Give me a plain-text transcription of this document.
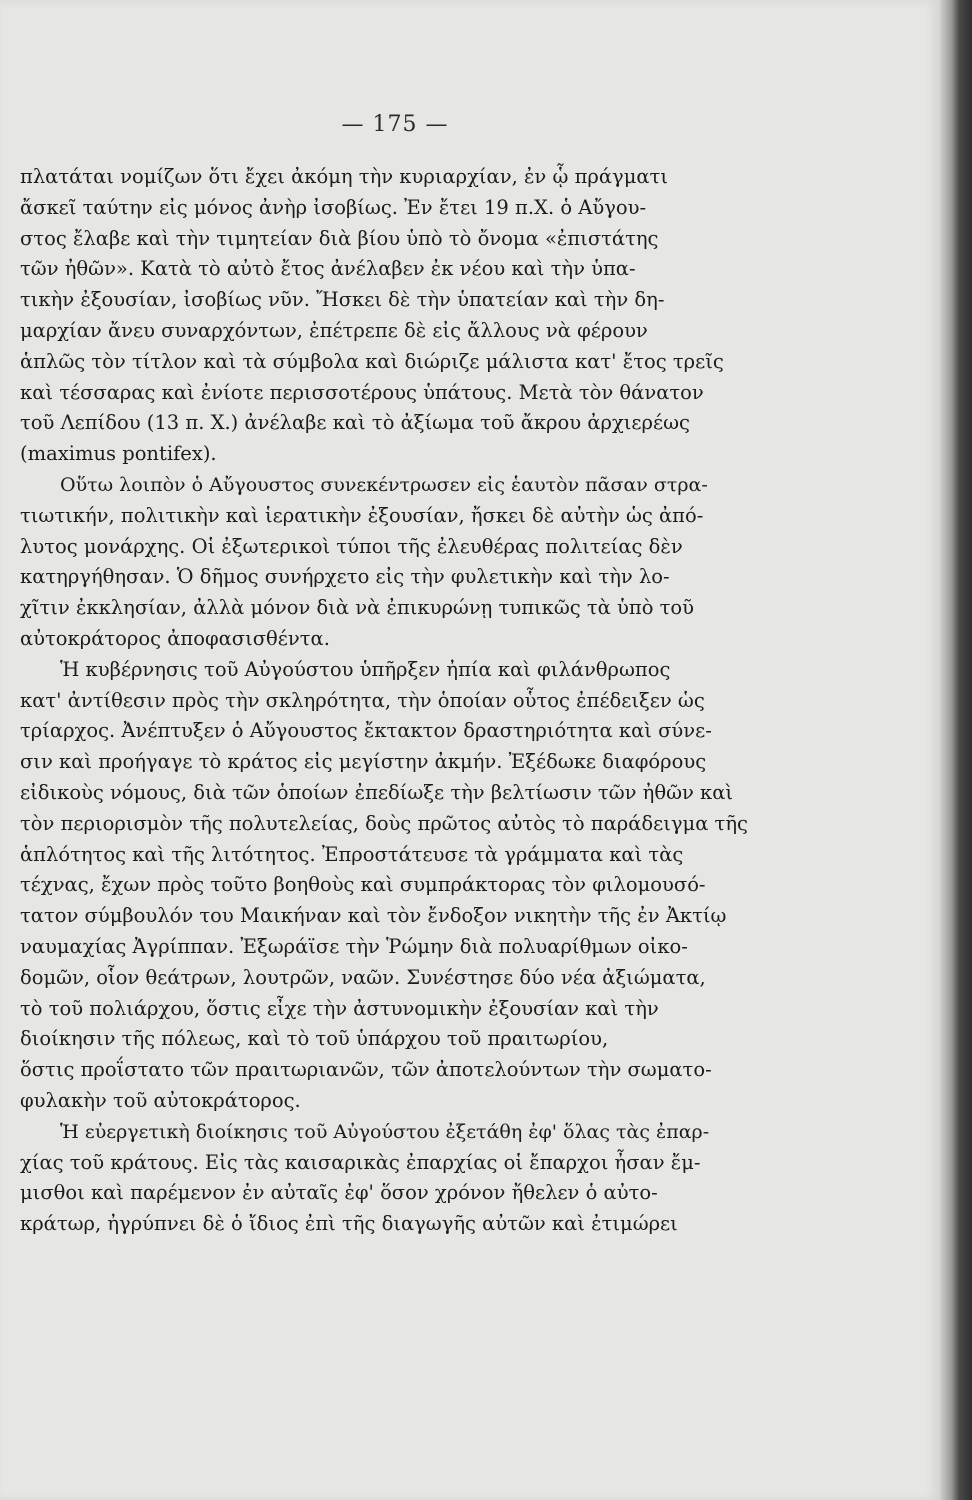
— 175 —
πλατάται νομίζων ὅτι ἔχει ἀκόμη τὴν κυριαρχίαν, ἐν ᾧ πράγματι
ἄσκεῖ ταύτην εἰς μόνος ἀνὴρ ἰσοβίως. Ἐν ἔτει 19 π.Χ. ὁ Αὔγου-
στος ἔλαβε καὶ τὴν τιμητείαν διὰ βίου ὑπὸ τὸ ὄνομα «ἐπιστάτης
τῶν ἠθῶν». Κατὰ τὸ αὐτὸ ἔτος ἀνέλαβεν ἐκ νέου καὶ τὴν ὑπα-
τικὴν ἐξουσίαν, ἰσοβίως νῦν. Ἤσκει δὲ τὴν ὑπατείαν καὶ τὴν δη-
μαρχίαν ἄνευ συναρχόντων, ἐπέτρεπε δὲ εἰς ἄλλους νὰ φέρουν
ἁπλῶς τὸν τίτλον καὶ τὰ σύμβολα καὶ διώριζε μάλιστα κατ' ἔτος τρεῖς
καὶ τέσσαρας καὶ ἐνίοτε περισσοτέρους ὑπάτους. Μετὰ τὸν θάνατον
τοῦ Λεπίδου (13 π. Χ.) ἀνέλαβε καὶ τὸ ἀξίωμα τοῦ ἄκρου ἀρχιερέως
(maximus pontifex).
Οὕτω λοιπὸν ὁ Αὔγουστος συνεκέντρωσεν εἰς ἑαυτὸν πᾶσαν στρα-
τιωτικήν, πολιτικὴν καὶ ἱερατικὴν ἐξουσίαν, ἤσκει δὲ αὐτὴν ὡς ἀπό-
λυτος μονάρχης. Οἱ ἐξωτερικοὶ τύποι τῆς ἐλευθέρας πολιτείας δὲν
κατηργήθησαν. Ὁ δῆμος συνήρχετο εἰς τὴν φυλετικὴν καὶ τὴν λο-
χῖτιν ἐκκλησίαν, ἀλλὰ μόνον διὰ νὰ ἐπικυρώνῃ τυπικῶς τὰ ὑπὸ τοῦ
αὐτοκράτορος ἀποφασισθέντα.
Ἡ κυβέρνησις τοῦ Αὐγούστου ὑπῆρξεν ἠπία καὶ φιλάνθρωπος
κατ' ἀντίθεσιν πρὸς τὴν σκληρότητα, τὴν ὁποίαν οὗτος ἐπέδειξεν ὡς
τρίαρχος. Ἀνέπτυξεν ὁ Αὔγουστος ἔκτακτον δραστηριότητα καὶ σύνε-
σιν καὶ προήγαγε τὸ κράτος εἰς μεγίστην ἀκμήν. Ἐξέδωκε διαφόρους
εἰδικοὺς νόμους, διὰ τῶν ὁποίων ἐπεδίωξε τὴν βελτίωσιν τῶν ἠθῶν καὶ
τὸν περιορισμὸν τῆς πολυτελείας, δοὺς πρῶτος αὐτὸς τὸ παράδειγμα τῆς
ἁπλότητος καὶ τῆς λιτότητος. Ἐπροστάτευσε τὰ γράμματα καὶ τὰς
τέχνας, ἔχων πρὸς τοῦτο βοηθοὺς καὶ συμπράκτορας τὸν φιλομουσό-
τατον σύμβουλόν του Μαικήναν καὶ τὸν ἔνδοξον νικητὴν τῆς ἐν Ἀκτίῳ
ναυμαχίας Ἀγρίππαν. Ἐξωράϊσε τὴν Ῥώμην διὰ πολυαρίθμων οἰκο-
δομῶν, οἷον θεάτρων, λουτρῶν, ναῶν. Συνέστησε δύο νέα ἀξιώματα,
τὸ τοῦ πολιάρχου, ὅστις εἶχε τὴν ἀστυνομικὴν ἐξουσίαν καὶ τὴν
διοίκησιν τῆς πόλεως, καὶ τὸ τοῦ ὑπάρχου τοῦ πραιτωρίου,
ὅστις προΐστατο τῶν πραιτωριανῶν, τῶν ἀποτελούντων τὴν σωματο-
φυλακὴν τοῦ αὐτοκράτορος.
Ἡ εὐεργετικὴ διοίκησις τοῦ Αὐγούστου ἐξετάθη ἐφ' ὅλας τὰς ἐπαρ-
χίας τοῦ κράτους. Εἰς τὰς καισαρικὰς ἐπαρχίας οἱ ἔπαρχοι ἦσαν ἔμ-
μισθοι καὶ παρέμενον ἐν αὐταῖς ἐφ' ὅσον χρόνον ἤθελεν ὁ αὐτο-
κράτωρ, ἠγρύπνει δὲ ὁ ἴδιος ἐπὶ τῆς διαγωγῆς αὐτῶν καὶ ἐτιμώρει
